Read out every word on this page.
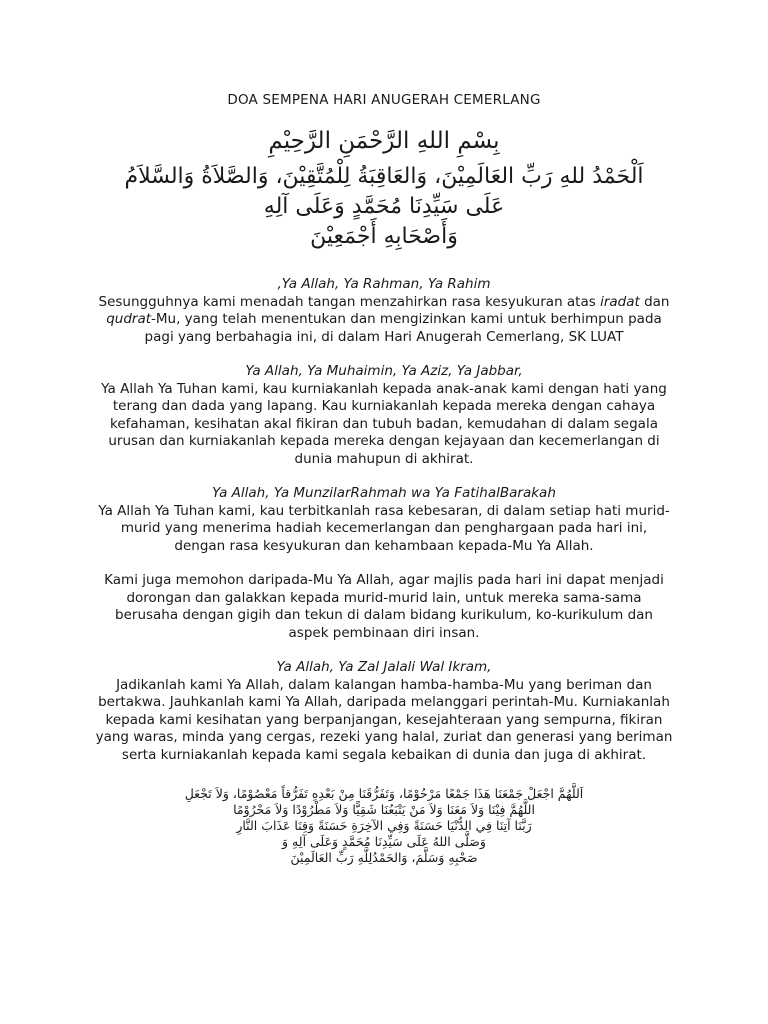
DOA SEMPENA HARI ANUGERAH CEMERLANG
بِسْمِ اللهِ الرَّحْمَنِ الرَّحِيْمِ
اَلْحَمْدُ للهِ رَبِّ العَالَمِيْنَ، وَالعَاقِبَةُ لِلْمُتَّقِيْنَ، وَالصَّلاَةُ وَالسَّلاَمُ
عَلَى سَيِّدِنَا مُحَمَّدٍ وَعَلَى آلِهِ
وَأَصْحَابِهِ أَجْمَعِيْنَ
,Ya Allah, Ya Rahman, Ya Rahim
Sesungguhnya kami menadah tangan menzahirkan rasa kesyukuran atas iradat dan qudrat-Mu, yang telah menentukan dan mengizinkan kami untuk berhimpun pada pagi yang berbahagia ini, di dalam Hari Anugerah Cemerlang, SK LUAT
Ya Allah, Ya Muhaimin, Ya Aziz, Ya Jabbar,
Ya Allah Ya Tuhan kami, kau kurniakanlah kepada anak-anak kami dengan hati yang terang dan dada yang lapang. Kau kurniakanlah kepada mereka dengan cahaya kefahaman, kesihatan akal fikiran dan tubuh badan, kemudahan di dalam segala urusan dan kurniakanlah kepada mereka dengan kejayaan dan kecemerlangan di dunia mahupun di akhirat.
Ya Allah, Ya MunzilarRahmah wa Ya FatihalBarakah
Ya Allah Ya Tuhan kami, kau terbitkanlah rasa kebesaran, di dalam setiap hati murid-murid yang menerima hadiah kecemerlangan dan penghargaan pada hari ini, dengan rasa kesyukuran dan kehambaan kepada-Mu Ya Allah.
Kami juga memohon daripada-Mu Ya Allah, agar majlis pada hari ini dapat menjadi dorongan dan galakkan kepada murid-murid lain, untuk mereka sama-sama berusaha dengan gigih dan tekun di dalam bidang kurikulum, ko-kurikulum dan aspek pembinaan diri insan.
Ya Allah, Ya Zal Jalali Wal Ikram,
Jadikanlah kami Ya Allah, dalam kalangan hamba-hamba-Mu yang beriman dan bertakwa. Jauhkanlah kami Ya Allah, daripada melanggari perintah-Mu. Kurniakanlah kepada kami kesihatan yang berpanjangan, kesejahteraan yang sempurna, fikiran yang waras, minda yang cergas, rezeki yang halal, zuriat dan generasi yang beriman serta kurniakanlah kepada kami segala kebaikan di dunia dan juga di akhirat.
اَللَّهُمَّ اجْعَلْ جَمْعَنَا هَذَا جَمْعًا مَرْحُوْمًا، وَتَفَرُّقَنَا مِنْ بَعْدِهِ تَفَرُّقاً مَعْصُوْمًا، وَلاَ تَجْعَلِ
اللَّهُمَّ فِيْنَا وَلاَ مَعَنَا وَلاَ مَنْ يَتْبَعُنَا شَقِيًّا وَلاَ مَطْرُوْدًا وَلاَ مَحْرُوْمًا
رَبَّنَا آتِنَا فِي الدُّنْيَا حَسَنَةً وَفِي الآخِرَةِ حَسَنَةً وَقِنَا عَذَابَ النَّارِ
وَصَلَّى اللهُ عَلَى سَيِّدِنَا مُحَمَّدٍ وَعَلَى آلِهِ وَ
صَحْبِهِ وَسَلَّمَ، وَالحَمْدُلِلَّهِ رَبِّ العَالَمِيْنَ
